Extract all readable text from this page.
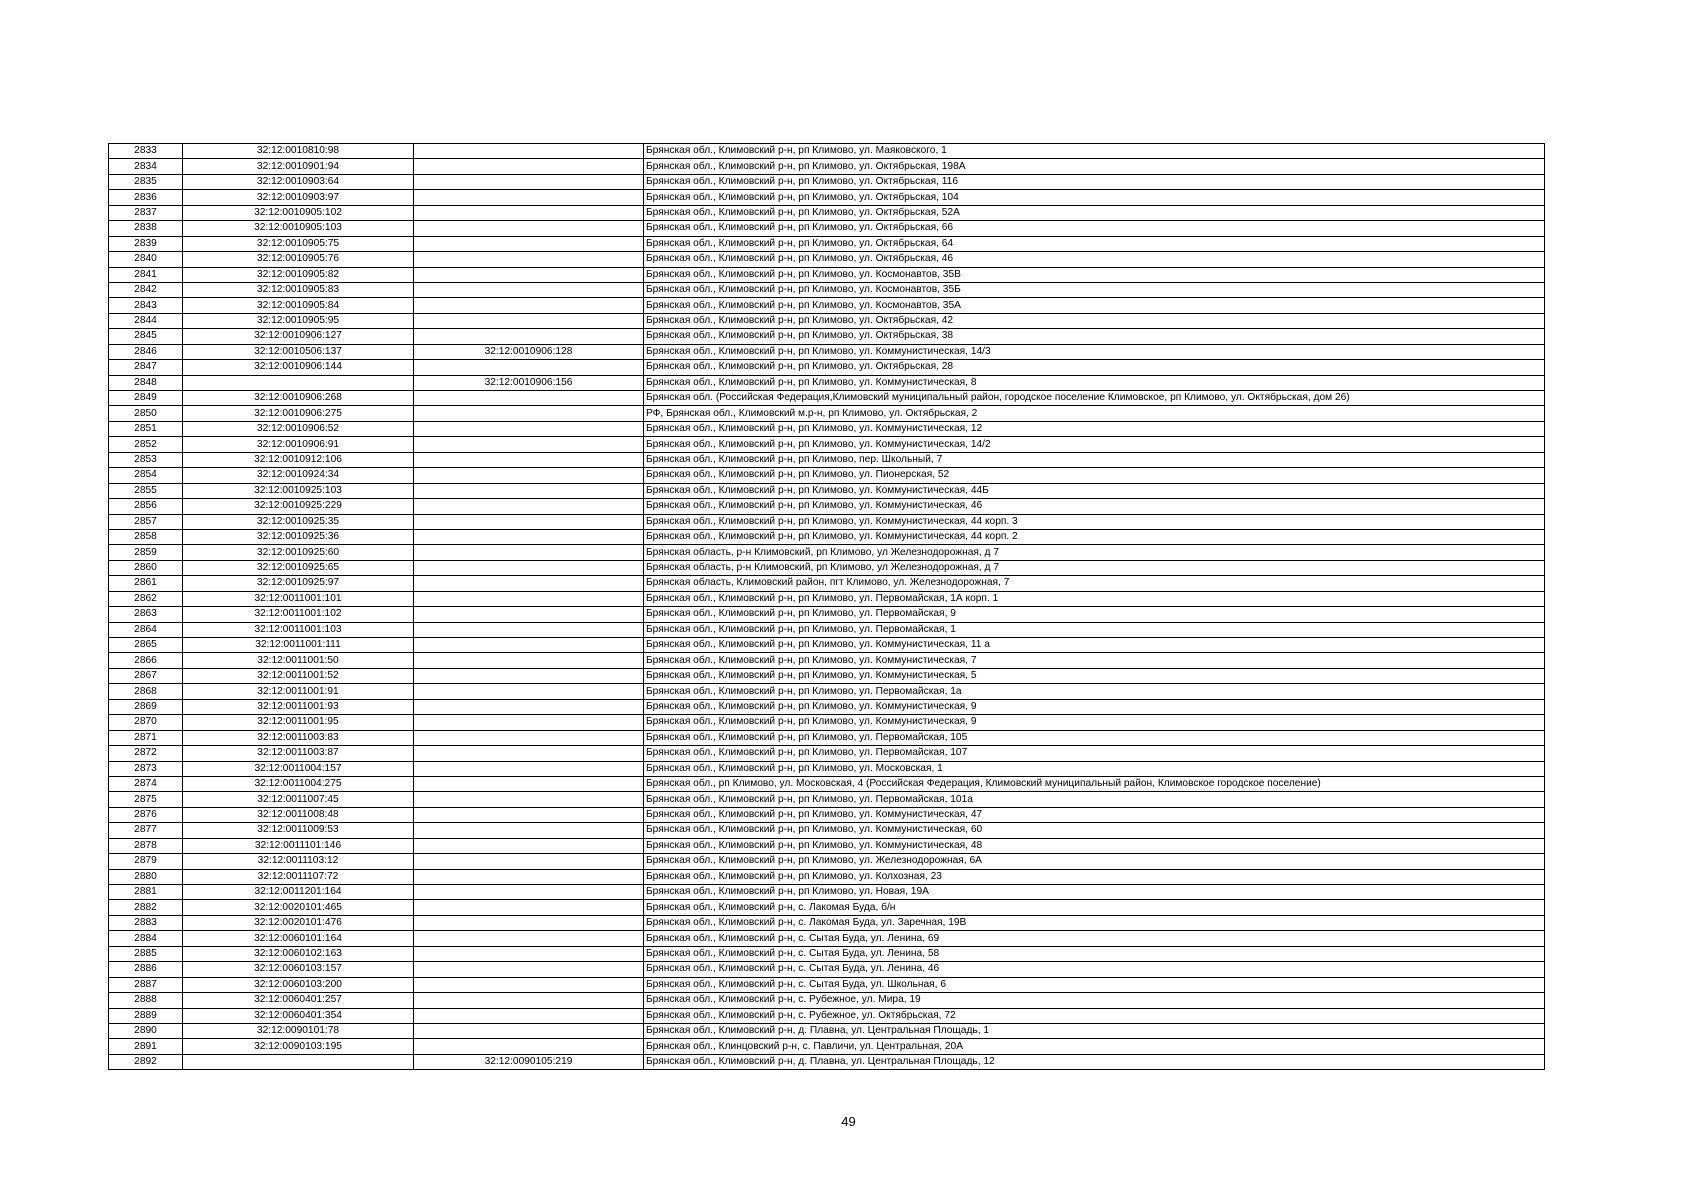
2833	32:12:0010810:98		Брянская обл., Климовский р-н, рп Климово, ул. Маяковского, 1
2834	32:12:0010901:94		Брянская обл., Климовский р-н, рп Климово, ул. Октябрьская, 198А
2835	32:12:0010903:64		Брянская обл., Климовский р-н, рп Климово, ул. Октябрьская, 116
2836	32:12:0010903:97		Брянская обл., Климовский р-н, рп Климово, ул. Октябрьская, 104
2837	32:12:0010905:102		Брянская обл., Климовский р-н, рп Климово, ул. Октябрьская, 52А
2838	32:12:0010905:103		Брянская обл., Климовский р-н, рп Климово, ул. Октябрьская, 66
2839	32:12:0010905:75		Брянская обл., Климовский р-н, рп Климово, ул. Октябрьская, 64
2840	32:12:0010905:76		Брянская обл., Климовский р-н, рп Климово, ул. Октябрьская, 46
2841	32:12:0010905:82		Брянская обл., Климовский р-н, рп Климово, ул. Космонавтов, 35В
2842	32:12:0010905:83		Брянская обл., Климовский р-н, рп Климово, ул. Космонавтов, 35Б
2843	32:12:0010905:84		Брянская обл., Климовский р-н, рп Климово, ул. Космонавтов, 35А
2844	32:12:0010905:95		Брянская обл., Климовский р-н, рп Климово, ул. Октябрьская, 42
2845	32:12:0010906:127		Брянская обл., Климовский р-н, рп Климово, ул. Октябрьская, 38
2846	32:12:0010506:137	32:12:0010906:128	Брянская обл., Климовский р-н, рп Климово, ул. Коммунистическая, 14/3
2847	32:12:0010906:144		Брянская обл., Климовский р-н, рп Климово, ул. Октябрьская, 28
2848		32:12:0010906:156	Брянская обл., Климовский р-н, рп Климово, ул. Коммунистическая, 8
2849	32:12:0010906:268		Брянская обл. (Российская Федерация,Климовский муниципальный район, городское поселение Климовское, рп Климово, ул. Октябрьская, дом 26)
2850	32:12:0010906:275		РФ, Брянская обл., Климовский м.р-н, рп Климово, ул. Октябрьская, 2
2851	32:12:0010906:52		Брянская обл., Климовский р-н, рп Климово, ул. Коммунистическая, 12
2852	32:12:0010906:91		Брянская обл., Климовский р-н, рп Климово, ул. Коммунистическая, 14/2
2853	32:12:0010912:106		Брянская обл., Климовский р-н, рп Климово, пер. Школьный, 7
2854	32:12:0010924:34		Брянская обл., Климовский р-н, рп Климово, ул. Пионерская, 52
2855	32:12:0010925:103		Брянская обл., Климовский р-н, рп Климово, ул. Коммунистическая, 44Б
2856	32:12:0010925:229		Брянская обл., Климовский р-н, рп Климово, ул. Коммунистическая, 46
2857	32:12:0010925:35		Брянская обл., Климовский р-н, рп Климово, ул. Коммунистическая, 44 корп. 3
2858	32:12:0010925:36		Брянская обл., Климовский р-н, рп Климово, ул. Коммунистическая, 44 корп. 2
2859	32:12:0010925:60		Брянская область, р-н Климовский, рп Климово, ул Железнодорожная, д 7
2860	32:12:0010925:65		Брянская область, р-н Климовский, рп Климово, ул Железнодорожная, д 7
2861	32:12:0010925:97		Брянская область, Климовский район, пгт Климово, ул. Железнодорожная, 7
2862	32:12:0011001:101		Брянская обл., Климовский р-н, рп Климово, ул. Первомайская, 1А корп. 1
2863	32:12:0011001:102		Брянская обл., Климовский р-н, рп Климово, ул. Первомайская, 9
2864	32:12:0011001:103		Брянская обл., Климовский р-н, рп Климово, ул. Первомайская, 1
2865	32:12:0011001:111		Брянская обл., Климовский р-н, рп Климово, ул. Коммунистическая, 11 а
2866	32:12:0011001:50		Брянская обл., Климовский р-н, рп Климово, ул. Коммунистическая, 7
2867	32:12:0011001:52		Брянская обл., Климовский р-н, рп Климово, ул. Коммунистическая, 5
2868	32:12:0011001:91		Брянская обл., Климовский р-н, рп Климово, ул. Первомайская, 1а
2869	32:12:0011001:93		Брянская обл., Климовский р-н, рп Климово, ул. Коммунистическая, 9
2870	32:12:0011001:95		Брянская обл., Климовский р-н, рп Климово, ул. Коммунистическая, 9
2871	32:12:0011003:83		Брянская обл., Климовский р-н, рп Климово, ул. Первомайская, 105
2872	32:12:0011003:87		Брянская обл., Климовский р-н, рп Климово, ул. Первомайская, 107
2873	32:12:0011004:157		Брянская обл., Климовский р-н, рп Климово, ул. Московская, 1
2874	32:12:0011004:275		Брянская обл., рп Климово, ул. Московская, 4 (Российская Федерация, Климовский муниципальный район, Климовское городское поселение)
2875	32:12:0011007:45		Брянская обл., Климовский р-н, рп Климово, ул. Первомайская, 101а
2876	32:12:0011008:48		Брянская обл., Климовский р-н, рп Климово, ул. Коммунистическая, 47
2877	32:12:0011009:53		Брянская обл., Климовский р-н, рп Климово, ул. Коммунистическая, 60
2878	32:12:0011101:146		Брянская обл., Климовский р-н, рп Климово, ул. Коммунистическая, 48
2879	32:12:0011103:12		Брянская обл., Климовский р-н, рп Климово, ул. Железнодорожная, 6А
2880	32:12:0011107:72		Брянская обл., Климовский р-н, рп Климово, ул. Колхозная, 23
2881	32:12:0011201:164		Брянская обл., Климовский р-н, рп Климово, ул. Новая, 19А
2882	32:12:0020101:465		Брянская обл., Климовский р-н, с. Лакомая Буда, б/н
2883	32:12:0020101:476		Брянская обл., Климовский р-н, с. Лакомая Буда, ул. Заречная, 19В
2884	32:12:0060101:164		Брянская обл., Климовский р-н, с. Сытая Буда, ул. Ленина, 69
2885	32:12:0060102:163		Брянская обл., Климовский р-н, с. Сытая Буда, ул. Ленина, 58
2886	32:12:0060103:157		Брянская обл., Климовский р-н, с. Сытая Буда, ул. Ленина, 46
2887	32:12:0060103:200		Брянская обл., Климовский р-н, с. Сытая Буда, ул. Школьная, 6
2888	32:12:0060401:257		Брянская обл., Климовский р-н, с. Рубежное, ул. Мира, 19
2889	32:12:0060401:354		Брянская обл., Климовский р-н, с. Рубежное, ул. Октябрьская, 72
2890	32:12:0090101:78		Брянская обл., Климовский р-н, д. Плавна, ул. Центральная Площадь, 1
2891	32:12:0090103:195		Брянская обл., Клинцовский р-н, с. Павличи, ул. Центральная, 20А
2892		32:12:0090105:219	Брянская обл., Климовский р-н, д. Плавна, ул. Центральная Площадь, 12
49
